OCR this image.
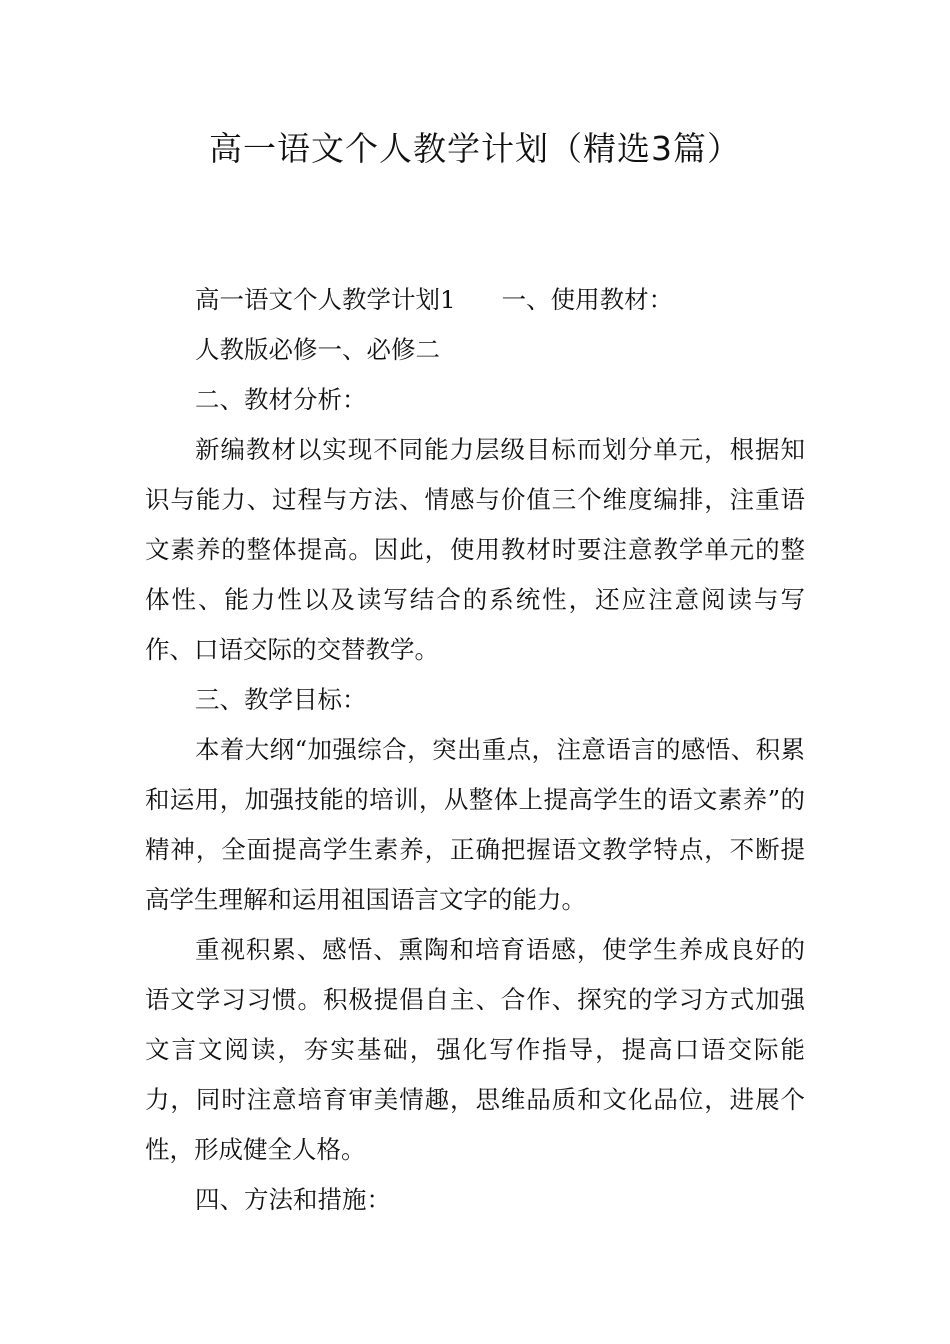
高一语文个人教学计划（精选3篇）

高一语文个人教学计划1 一、使用教材：

人教版必修一、必修二

二、教材分析：

新编教材以实现不同能力层级目标而划分单元，根据知识与能力、过程与方法、情感与价值三个维度编排，注重语文素养的整体提高。因此，使用教材时要注意教学单元的整体性、能力性以及读写结合的系统性，还应注意阅读与写作、口语交际的交替教学。

三、教学目标：

本着大纲“加强综合，突出重点，注意语言的感悟、积累和运用，加强技能的培训，从整体上提高学生的语文素养”的精神，全面提高学生素养，正确把握语文教学特点，不断提高学生理解和运用祖国语言文字的能力。

重视积累、感悟、熏陶和培育语感，使学生养成良好的语文学习习惯。积极提倡自主、合作、探究的学习方式加强文言文阅读，夯实基础，强化写作指导，提高口语交际能力，同时注意培育审美情趣，思维品质和文化品位，进展个性，形成健全人格。

四、方法和措施：
